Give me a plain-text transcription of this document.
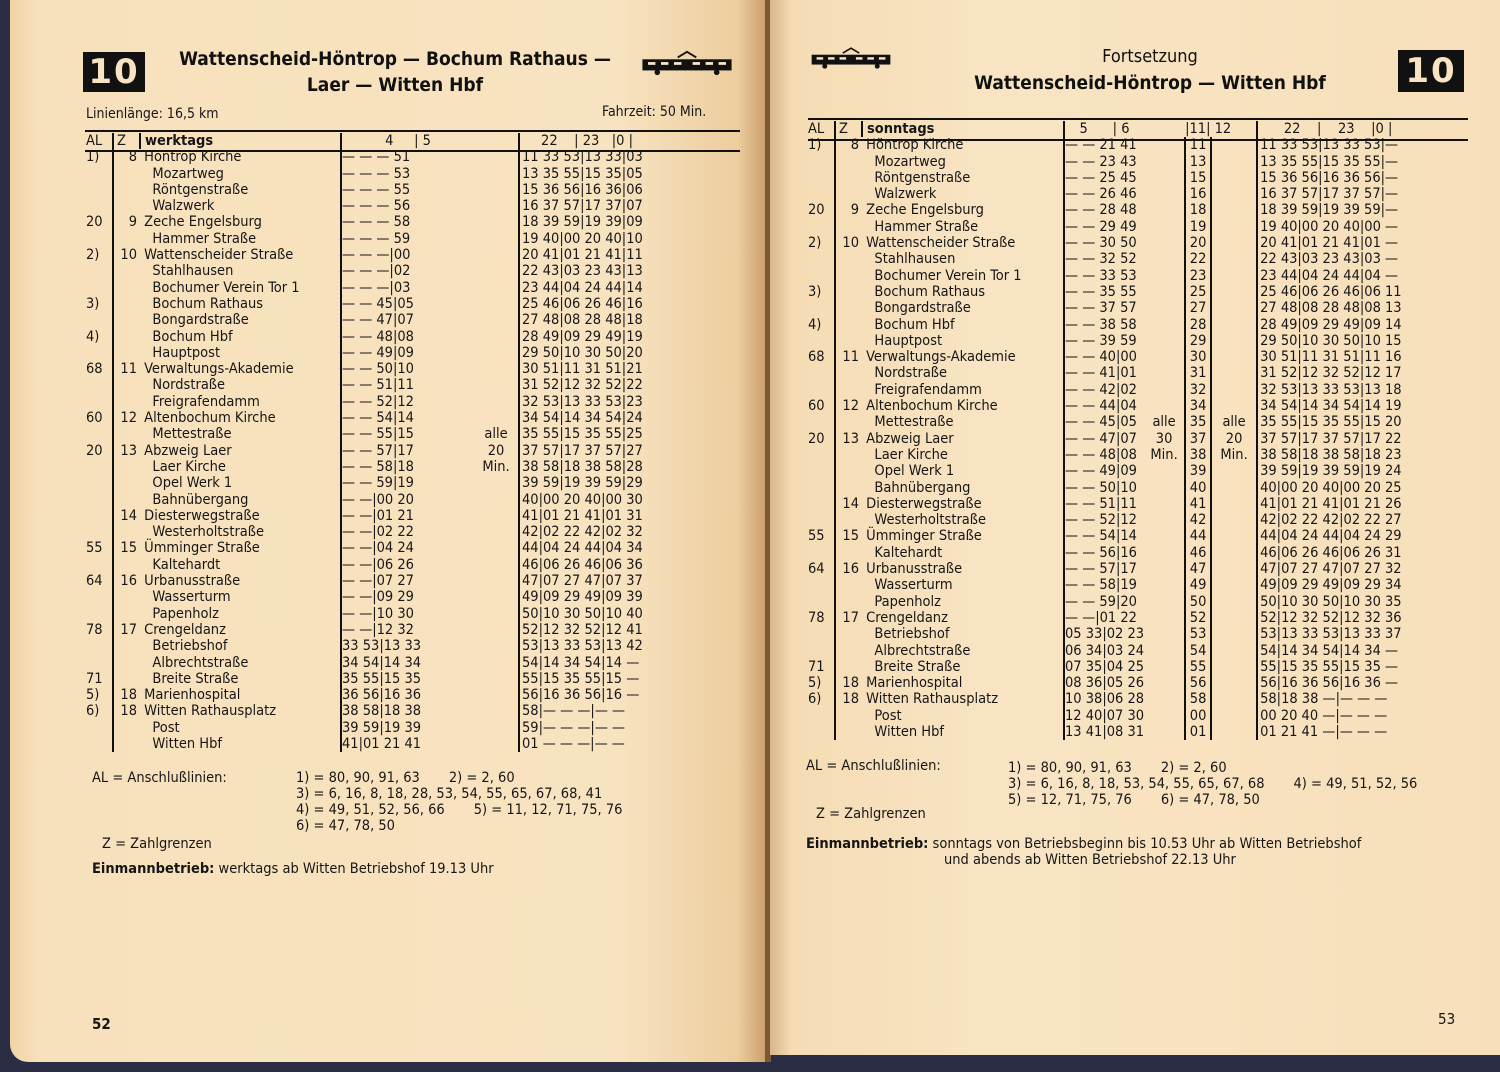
10	Wattenscheid-Höntrop — Bochum Rathaus —
Laer — Witten Hbf
Linienlänge: 16,5 km	Fahrzeit: 50 Min.
AL	Z	werktags	4     | 5		22    | 23   |0 |
1)	8	Höntrop Kirche	— — — 51		11 33 53|13 33|03
		Mozartweg	— — — 53		13 35 55|15 35|05
		Röntgenstraße	— — — 55		15 36 56|16 36|06
		Walzwerk	— — — 56		16 37 57|17 37|07
20	9	Zeche Engelsburg	— — — 58		18 39 59|19 39|09
		Hammer Straße	— — — 59		19 40|00 20 40|10
2)	10	Wattenscheider Straße	— — —|00		20 41|01 21 41|11
		Stahlhausen	— — —|02		22 43|03 23 43|13
		Bochumer Verein Tor 1	— — —|03		23 44|04 24 44|14
3)		Bochum Rathaus	— — 45|05		25 46|06 26 46|16
		Bongardstraße	— — 47|07		27 48|08 28 48|18
4)		Bochum Hbf	— — 48|08		28 49|09 29 49|19
		Hauptpost	— — 49|09		29 50|10 30 50|20
68	11	Verwaltungs-Akademie	— — 50|10		30 51|11 31 51|21
		Nordstraße	— — 51|11		31 52|12 32 52|22
		Freigrafendamm	— — 52|12		32 53|13 33 53|23
60	12	Altenbochum Kirche	— — 54|14		34 54|14 34 54|24
		Mettestraße	— — 55|15	alle	35 55|15 35 55|25
20	13	Abzweig Laer	— — 57|17	20	37 57|17 37 57|27
		Laer Kirche	— — 58|18	Min.	38 58|18 38 58|28
		Opel Werk 1	— — 59|19		39 59|19 39 59|29
		Bahnübergang	— —|00 20		40|00 20 40|00 30
	14	Diesterwegstraße	— —|01 21		41|01 21 41|01 31
		Westerholtstraße	— —|02 22		42|02 22 42|02 32
55	15	Ümminger Straße	— —|04 24		44|04 24 44|04 34
		Kaltehardt	— —|06 26		46|06 26 46|06 36
64	16	Urbanusstraße	— —|07 27		47|07 27 47|07 37
		Wasserturm	— —|09 29		49|09 29 49|09 39
		Papenholz	— —|10 30		50|10 30 50|10 40
78	17	Crengeldanz	— —|12 32		52|12 32 52|12 41
		Betriebshof	33 53|13 33		53|13 33 53|13 42
		Albrechtstraße	34 54|14 34		54|14 34 54|14 —
71		Breite Straße	35 55|15 35		55|15 35 55|15 —
5)	18	Marienhospital	36 56|16 36		56|16 36 56|16 —
6)	18	Witten Rathausplatz	38 58|18 38		58|— — —|— —
		Post	39 59|19 39		59|— — —|— —
		Witten Hbf	41|01 21 41		01 — — —|— —
AL = Anschlußlinien:	1) = 80, 90, 91, 63       2) = 2, 60
3) = 6, 16, 8, 18, 28, 53, 54, 55, 65, 67, 68, 41
4) = 49, 51, 52, 56, 66       5) = 11, 12, 71, 75, 76
6) = 47, 78, 50
Z = Zahlgrenzen
Einmannbetrieb: werktags ab Witten Betriebshof 19.13 Uhr
52
Fortsetzung
Wattenscheid-Höntrop — Witten Hbf	10
AL	Z	sonntags	5      | 6		|11| 12		22    |    23    |0 |
1)	8	Höntrop Kirche	— — 21 41		11		11 33 53|13 33 53|—
		Mozartweg	— — 23 43		13		13 35 55|15 35 55|—
		Röntgenstraße	— — 25 45		15		15 36 56|16 36 56|—
		Walzwerk	— — 26 46		16		16 37 57|17 37 57|—
20	9	Zeche Engelsburg	— — 28 48		18		18 39 59|19 39 59|—
		Hammer Straße	— — 29 49		19		19 40|00 20 40|00 —
2)	10	Wattenscheider Straße	— — 30 50		20		20 41|01 21 41|01 —
		Stahlhausen	— — 32 52		22		22 43|03 23 43|03 —
		Bochumer Verein Tor 1	— — 33 53		23		23 44|04 24 44|04 —
3)		Bochum Rathaus	— — 35 55		25		25 46|06 26 46|06 11
		Bongardstraße	— — 37 57		27		27 48|08 28 48|08 13
4)		Bochum Hbf	— — 38 58		28		28 49|09 29 49|09 14
		Hauptpost	— — 39 59		29		29 50|10 30 50|10 15
68	11	Verwaltungs-Akademie	— — 40|00		30		30 51|11 31 51|11 16
		Nordstraße	— — 41|01		31		31 52|12 32 52|12 17
		Freigrafendamm	— — 42|02		32		32 53|13 33 53|13 18
60	12	Altenbochum Kirche	— — 44|04		34		34 54|14 34 54|14 19
		Mettestraße	— — 45|05	alle	35	alle	35 55|15 35 55|15 20
20	13	Abzweig Laer	— — 47|07	30	37	20	37 57|17 37 57|17 22
		Laer Kirche	— — 48|08	Min.	38	Min.	38 58|18 38 58|18 23
		Opel Werk 1	— — 49|09		39		39 59|19 39 59|19 24
		Bahnübergang	— — 50|10		40		40|00 20 40|00 20 25
	14	Diesterwegstraße	— — 51|11		41		41|01 21 41|01 21 26
		Westerholtstraße	— — 52|12		42		42|02 22 42|02 22 27
55	15	Ümminger Straße	— — 54|14		44		44|04 24 44|04 24 29
		Kaltehardt	— — 56|16		46		46|06 26 46|06 26 31
64	16	Urbanusstraße	— — 57|17		47		47|07 27 47|07 27 32
		Wasserturm	— — 58|19		49		49|09 29 49|09 29 34
		Papenholz	— — 59|20		50		50|10 30 50|10 30 35
78	17	Crengeldanz	— —|01 22		52		52|12 32 52|12 32 36
		Betriebshof	05 33|02 23		53		53|13 33 53|13 33 37
		Albrechtstraße	06 34|03 24		54		54|14 34 54|14 34 —
71		Breite Straße	07 35|04 25		55		55|15 35 55|15 35 —
5)	18	Marienhospital	08 36|05 26		56		56|16 36 56|16 36 —
6)	18	Witten Rathausplatz	10 38|06 28		58		58|18 38 —|— — —
		Post	12 40|07 30		00		00 20 40 —|— — —
		Witten Hbf	13 41|08 31		01		01 21 41 —|— — —
AL = Anschlußlinien:	1) = 80, 90, 91, 63       2) = 2, 60
3) = 6, 16, 8, 18, 53, 54, 55, 65, 67, 68       4) = 49, 51, 52, 56
5) = 12, 71, 75, 76       6) = 47, 78, 50
Z = Zahlgrenzen
Einmannbetrieb: sonntags von Betriebsbeginn bis 10.53 Uhr ab Witten Betriebshof
und abends ab Witten Betriebshof 22.13 Uhr
53
